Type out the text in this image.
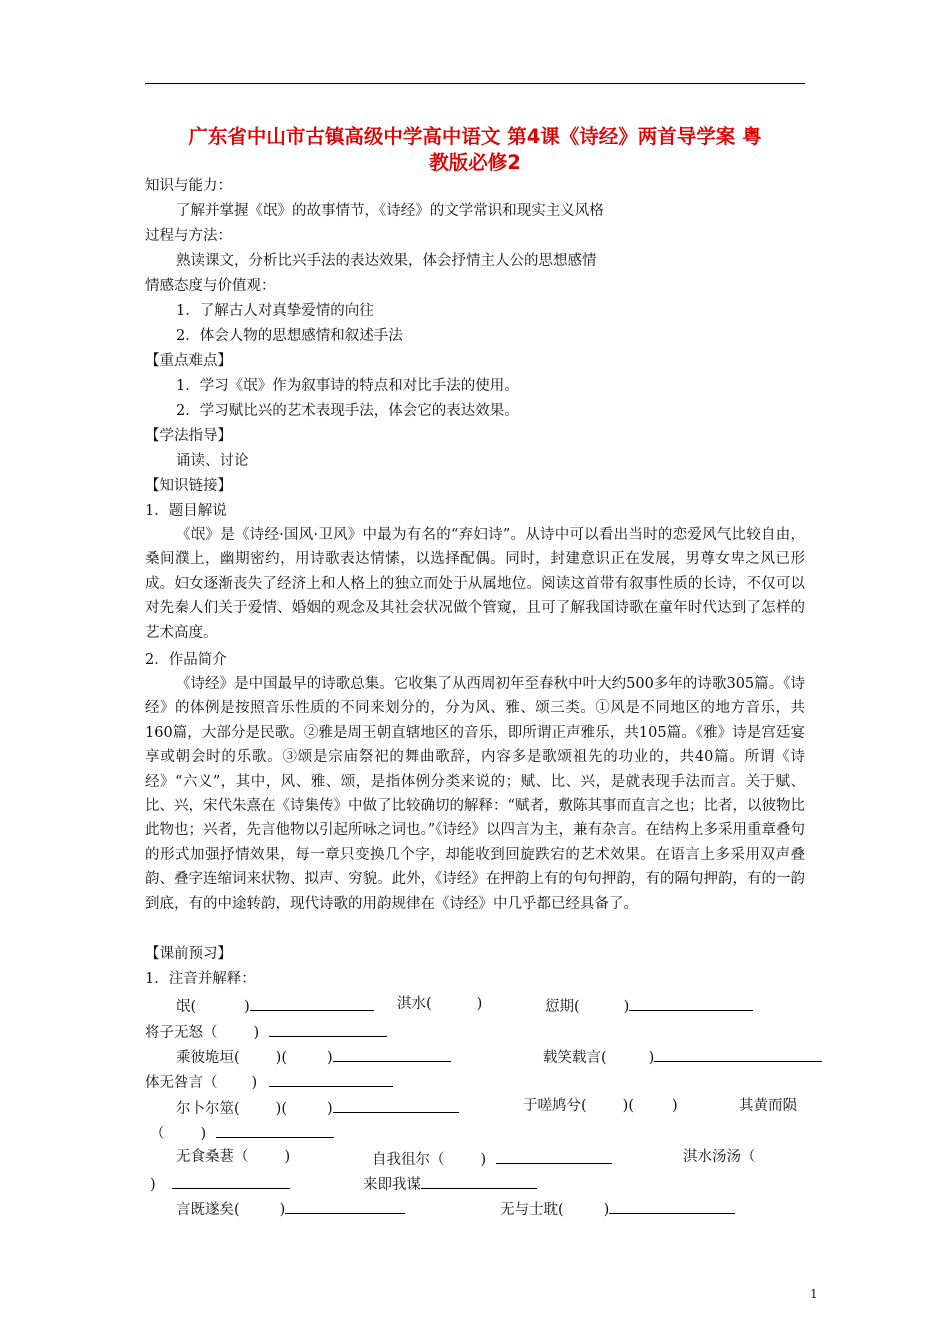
广东省中山市古镇高级中学高中语文 第4课《诗经》两首导学案 粤
教版必修2
知识与能力：
了解并掌握《氓》的故事情节，《诗经》的文学常识和现实主义风格
过程与方法：
熟读课文，分析比兴手法的表达效果，体会抒情主人公的思想感情
情感态度与价值观：
1．了解古人对真挚爱情的向往
2．体会人物的思想感情和叙述手法
【重点难点】
1．学习《氓》作为叙事诗的特点和对比手法的使用。
2．学习赋比兴的艺术表现手法，体会它的表达效果。
【学法指导】
诵读、讨论
【知识链接】
1．题目解说
《氓》是《诗经·国风·卫风》中最为有名的“弃妇诗”。从诗中可以看出当时的恋爱风气比较自由，桑间濮上，幽期密约，用诗歌表达情愫，以选择配偶。同时，封建意识正在发展，男尊女卑之风已形成。妇女逐渐丧失了经济上和人格上的独立而处于从属地位。阅读这首带有叙事性质的长诗，不仅可以对先秦人们关于爱情、婚姻的观念及其社会状况做个管窥，且可了解我国诗歌在童年时代达到了怎样的艺术高度。
2．作品简介
《诗经》是中国最早的诗歌总集。它收集了从西周初年至春秋中叶大约500多年的诗歌305篇。《诗经》的体例是按照音乐性质的不同来划分的，分为风、雅、颂三类。①风是不同地区的地方音乐，共160篇，大部分是民歌。②雅是周王朝直辖地区的音乐，即所谓正声雅乐，共105篇。《雅》诗是宫廷宴享或朝会时的乐歌。③颂是宗庙祭祀的舞曲歌辞，内容多是歌颂祖先的功业的，共40篇。所谓《诗经》“六义”，其中，风、雅、颂，是指体例分类来说的；赋、比、兴，是就表现手法而言。关于赋、比、兴，宋代朱熹在《诗集传》中做了比较确切的解释：“赋者，敷陈其事而直言之也；比者，以彼物比此物也；兴者，先言他物以引起所咏之词也。”《诗经》以四言为主，兼有杂言。在结构上多采用重章叠句的形式加强抒情效果，每一章只变换几个字，却能收到回旋跌宕的艺术效果。在语言上多采用双声叠韵、叠字连缩词来状物、拟声、穷貌。此外，《诗经》在押韵上有的句句押韵，有的隔句押韵，有的一韵到底，有的中途转韵，现代诗歌的用韵规律在《诗经》中几乎都已经具备了。
【课前预习】
1．注音并解释：
氓(	)	淇水(	)	愆期(	)
将子无怒（ )
乘彼垝垣( )(	)	载笑载言(	)
体无咎言（ )
尔卜尔筮( )(	)	于嗟鸠兮( )(	)	其黄而陨
（ )
无食桑葚（ )	自我徂尔（ )	淇水汤汤（
)	来即我谋
言既遂矣(	)	无与士耽(	)
1
